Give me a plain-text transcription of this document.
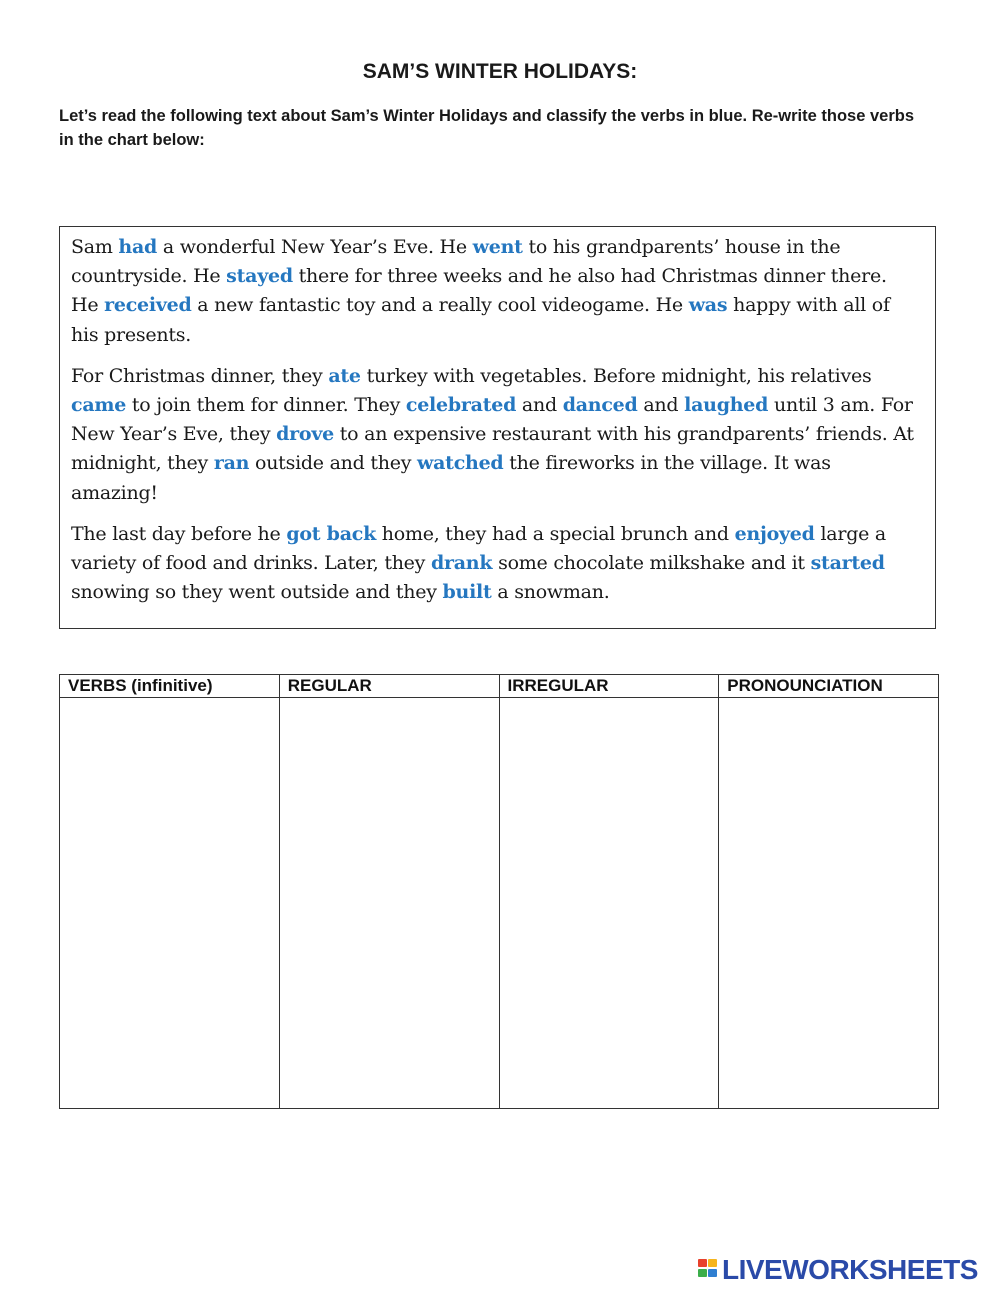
SAM’S WINTER HOLIDAYS:
Let’s read the following text about Sam’s Winter Holidays and classify the verbs in blue. Re-write those verbs in the chart below:

Sam had a wonderful New Year’s Eve. He went to his grandparents’ house in the countryside. He stayed there for three weeks and he also had Christmas dinner there. He received a new fantastic toy and a really cool videogame. He was happy with all of his presents.

For Christmas dinner, they ate turkey with vegetables. Before midnight, his relatives came to join them for dinner. They celebrated and danced and laughed until 3 am. For New Year’s Eve, they drove to an expensive restaurant with his grandparents’ friends. At midnight, they ran outside and they watched the fireworks in the village. It was amazing!

The last day before he got back home, they had a special brunch and enjoyed large a variety of food and drinks. Later, they drank some chocolate milkshake and it started snowing so they went outside and they built a snowman.

VERBS (infinitive)	REGULAR	IRREGULAR	PRONOUNCIATION

LIVEWORKSHEETS
